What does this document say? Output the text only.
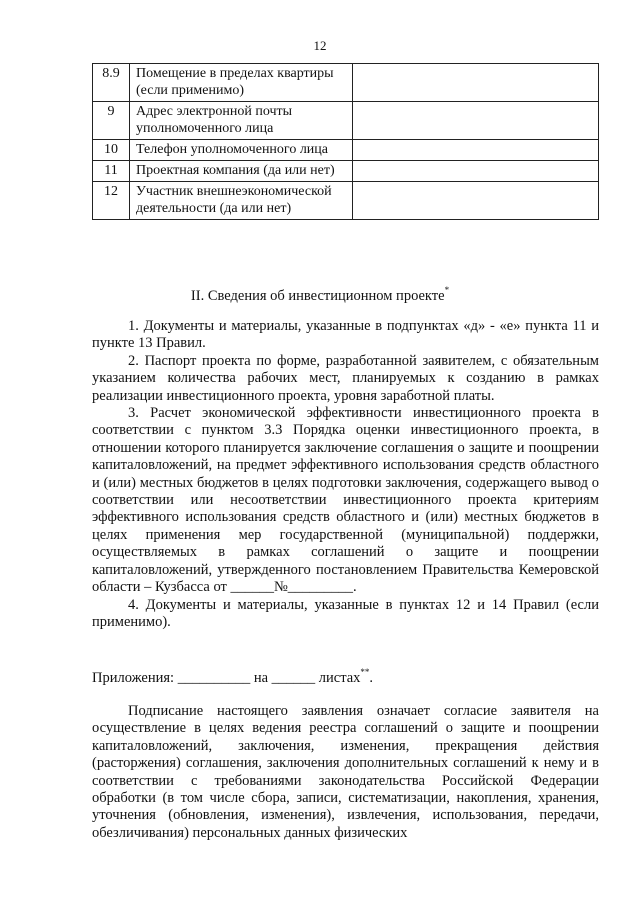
12
8.9	Помещение в пределах квартиры (если применимо)	
9	Адрес электронной почты уполномоченного лица	
10	Телефон уполномоченного лица	
11	Проектная компания (да или нет)	
12	Участник внешнеэкономической деятельности (да или нет)	
II. Сведения об инвестиционном проекте*

1. Документы и материалы, указанные в подпунктах «д» - «е» пункта 11 и пункте 13 Правил.

2. Паспорт проекта по форме, разработанной заявителем, с обязательным указанием количества рабочих мест, планируемых к созданию в рамках реализации инвестиционного проекта, уровня заработной платы.

3. Расчет экономической эффективности инвестиционного проекта в соответствии с пунктом 3.3 Порядка оценки инвестиционного проекта, в отношении которого планируется заключение соглашения о защите и поощрении капиталовложений, на предмет эффективного использования средств областного и (или) местных бюджетов в целях подготовки заключения, содержащего вывод о соответствии или несоответствии инвестиционного проекта критериям эффективного использования средств областного и (или) местных бюджетов в целях применения мер государственной (муниципальной) поддержки, осуществляемых в рамках соглашений о защите и поощрении капиталовложений, утвержденного постановлением Правительства Кемеровской области – Кузбасса от ______№_________.

4. Документы и материалы, указанные в пунктах 12 и 14 Правил (если применимо).

Приложения: __________ на ______ листах**.

Подписание настоящего заявления означает согласие заявителя на осуществление в целях ведения реестра соглашений о защите и поощрении капиталовложений, заключения, изменения, прекращения действия (расторжения) соглашения, заключения дополнительных соглашений к нему и в соответствии с требованиями законодательства Российской Федерации обработки (в том числе сбора, записи, систематизации, накопления, хранения, уточнения (обновления, изменения), извлечения, использования, передачи, обезличивания) персональных данных физических
